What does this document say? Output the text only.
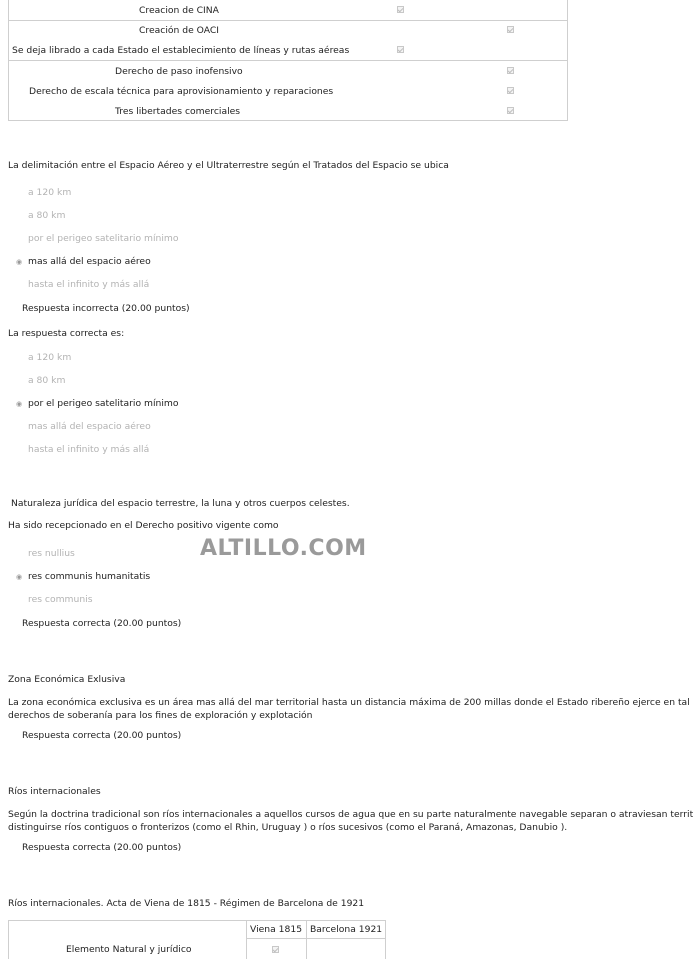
Creacion de CINA
Creación de OACI
Se deja librado a cada Estado el establecimiento de líneas y rutas aéreas
Derecho de paso inofensivo
Derecho de escala técnica para aprovisionamiento y reparaciones
Tres libertades comerciales
La delimitación entre el Espacio Aéreo y el Ultraterrestre según el Tratados del Espacio se ubica
a 120 km
a 80 km
por el perigeo satelitario mínimo
◉ mas allá del espacio aéreo
hasta el infinito y más allá
Respuesta incorrecta (20.00 puntos)
La respuesta correcta es:
a 120 km
a 80 km
◉ por el perigeo satelitario mínimo
mas allá del espacio aéreo
hasta el infinito y más allá
Naturaleza jurídica del espacio terrestre, la luna y otros cuerpos celestes.
Ha sido recepcionado en el Derecho positivo vigente como
res nullius
◉ res communis humanitatis
res communis
ALTILLO.COM
Respuesta correcta (20.00 puntos)
Zona Económica Exlusiva
La zona económica exclusiva es un área mas allá del mar territorial hasta un distancia máxima de 200 millas donde el Estado ribereño ejerce en tal
derechos de soberanía para los fines de exploración y explotación
Respuesta correcta (20.00 puntos)
Ríos internacionales
Según la doctrina tradicional son ríos internacionales a aquellos cursos de agua que en su parte naturalmente navegable separan o atraviesan territ
distinguirse ríos contiguos o fronterizos (como el Rhin, Uruguay ) o ríos sucesivos (como el Paraná, Amazonas, Danubio ).
Respuesta correcta (20.00 puntos)
Ríos internacionales. Acta de Viena de 1815 - Régimen de Barcelona de 1921
Viena 1815 Barcelona 1921
Elemento Natural y jurídico
